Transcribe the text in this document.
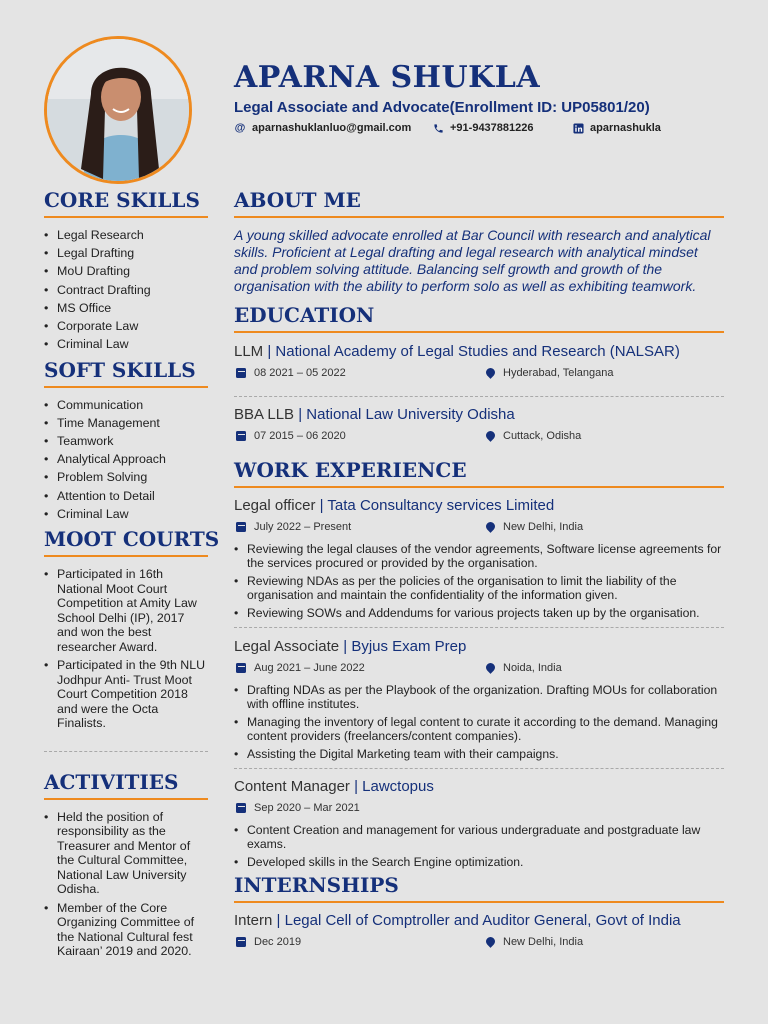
APARNA SHUKLA
Legal Associate and Advocate(Enrollment ID: UP05801/20)
@ aparnashuklanluo@gmail.com	+91-9437881226	aparnashukla
CORE SKILLS
• Legal Research
• Legal Drafting
• MoU Drafting
• Contract Drafting
• MS Office
• Corporate Law
• Criminal Law
SOFT SKILLS
• Communication
• Time Management
• Teamwork
• Analytical Approach
• Problem Solving
• Attention to Detail
• Criminal Law
MOOT COURTS
• Participated in 16th National Moot Court Competition at Amity Law School Delhi (IP), 2017 and won the best researcher Award.
• Participated in the 9th NLU Jodhpur Anti- Trust Moot Court Competition 2018 and were the Octa Finalists.
ACTIVITIES
• Held the position of responsibility as the Treasurer and Mentor of the Cultural Committee, National Law University Odisha.
• Member of the Core Organizing Committee of the National Cultural fest Kairaan’ 2019 and 2020.
ABOUT ME

A young skilled advocate enrolled at Bar Council with research and analytical skills. Proficient at Legal drafting and legal research with analytical mindset and problem solving attitude. Balancing self growth and growth of the organisation with the ability to perform solo as well as exhibiting teamwork.

EDUCATION
LLM | National Academy of Legal Studies and Research (NALSAR)
08 2021 – 05 2022	Hyderabad, Telangana
BBA LLB | National Law University Odisha
07 2015 – 06 2020	Cuttack, Odisha
WORK EXPERIENCE
Legal officer | Tata Consultancy services Limited
July 2022 – Present	New Delhi, India
• Reviewing the legal clauses of the vendor agreements, Software license agreements for the services procured or provided by the organisation.
• Reviewing NDAs as per the policies of the organisation to limit the liability of the organisation and maintain the confidentiality of the information given.
• Reviewing SOWs and Addendums for various projects taken up by the organisation.
Legal Associate | Byjus Exam Prep
Aug 2021 – June 2022	Noida, India
• Drafting NDAs as per the Playbook of the organization. Drafting MOUs for collaboration with offline institutes.
• Managing the inventory of legal content to curate it according to the demand. Managing content providers (freelancers/content companies).
• Assisting the Digital Marketing team with their campaigns.
Content Manager | Lawctopus
Sep 2020 – Mar 2021
• Content Creation and management for various undergraduate and postgraduate law exams.
• Developed skills in the Search Engine optimization.
INTERNSHIPS
Intern | Legal Cell of Comptroller and Auditor General, Govt of India
Dec 2019	New Delhi, India
